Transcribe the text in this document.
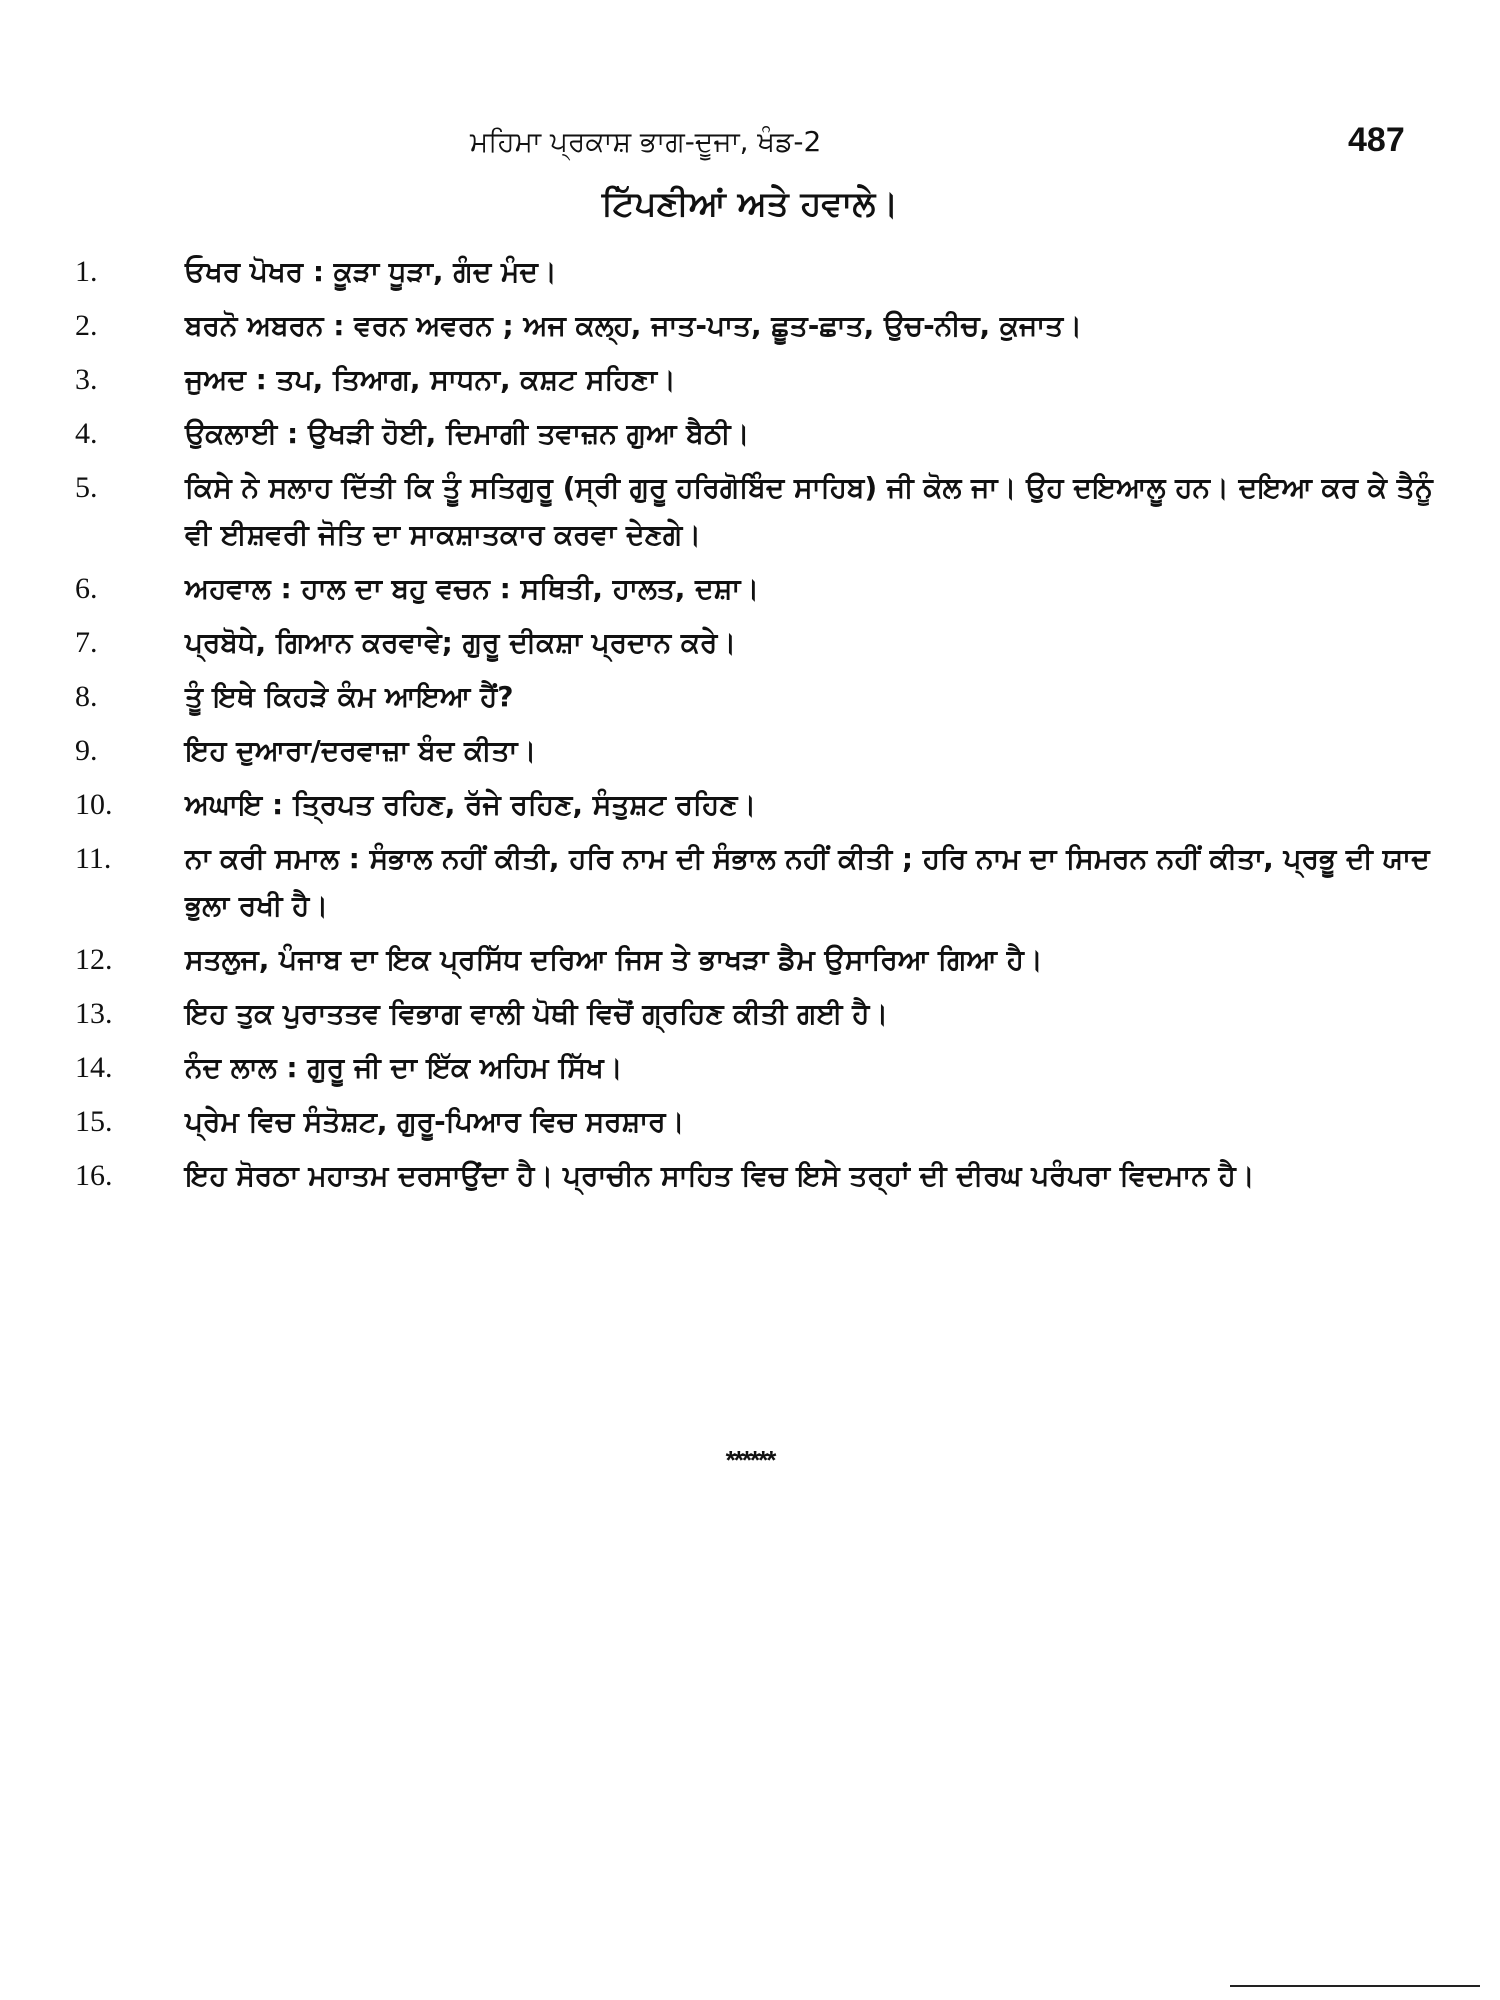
ਮਹਿਮਾ ਪ੍ਰਕਾਸ਼ ਭਾਗ-ਦੂਜਾ, ਖੰਡ-2	487
ਟਿੱਪਣੀਆਂ ਅਤੇ ਹਵਾਲੇ।
1.	ਓਖਰ ਪੋਖਰ : ਕੂੜਾ ਧੂੜਾ, ਗੰਦ ਮੰਦ।
2.	ਬਰਨੋ ਅਬਰਨ : ਵਰਨ ਅਵਰਨ ; ਅਜ ਕਲ੍ਹ, ਜਾਤ-ਪਾਤ, ਛੂਤ-ਛਾਤ, ਉਚ-ਨੀਚ, ਕੁਜਾਤ।
3.	ਜੁਅਦ : ਤਪ, ਤਿਆਗ, ਸਾਧਨਾ, ਕਸ਼ਟ ਸਹਿਣਾ।
4.	ਉਕਲਾਈ : ਉਖੜੀ ਹੋਈ, ਦਿਮਾਗੀ ਤਵਾਜ਼ਨ ਗੁਆ ਬੈਠੀ।
5.	ਕਿਸੇ ਨੇ ਸਲਾਹ ਦਿੱਤੀ ਕਿ ਤੂੰ ਸਤਿਗੁਰੂ (ਸ੍ਰੀ ਗੁਰੂ ਹਰਿਗੋਬਿੰਦ ਸਾਹਿਬ) ਜੀ ਕੋਲ ਜਾ। ਉਹ ਦਇਆਲੂ ਹਨ। ਦਇਆ ਕਰ ਕੇ ਤੈਨੂੰ ਵੀ ਈਸ਼ਵਰੀ ਜੋਤਿ ਦਾ ਸਾਕਸ਼ਾਤਕਾਰ ਕਰਵਾ ਦੇਣਗੇ।
6.	ਅਹਵਾਲ : ਹਾਲ ਦਾ ਬਹੁ ਵਚਨ : ਸਥਿਤੀ, ਹਾਲਤ, ਦਸ਼ਾ।
7.	ਪ੍ਰਬੋਧੇ, ਗਿਆਨ ਕਰਵਾਵੇ; ਗੁਰੂ ਦੀਕਸ਼ਾ ਪ੍ਰਦਾਨ ਕਰੇ।
8.	ਤੂੰ ਇਥੇ ਕਿਹੜੇ ਕੰਮ ਆਇਆ ਹੈਂ?
9.	ਇਹ ਦੁਆਰਾ/ਦਰਵਾਜ਼ਾ ਬੰਦ ਕੀਤਾ।
10.	ਅਘਾਇ : ਤ੍ਰਿਪਤ ਰਹਿਣ, ਰੱਜੇ ਰਹਿਣ, ਸੰਤੁਸ਼ਟ ਰਹਿਣ।
11.	ਨਾ ਕਰੀ ਸਮਾਲ : ਸੰਭਾਲ ਨਹੀਂ ਕੀਤੀ, ਹਰਿ ਨਾਮ ਦੀ ਸੰਭਾਲ ਨਹੀਂ ਕੀਤੀ ; ਹਰਿ ਨਾਮ ਦਾ ਸਿਮਰਨ ਨਹੀਂ ਕੀਤਾ, ਪ੍ਰਭੂ ਦੀ ਯਾਦ ਭੁਲਾ ਰਖੀ ਹੈ।
12.	ਸਤਲੁਜ, ਪੰਜਾਬ ਦਾ ਇਕ ਪ੍ਰਸਿੱਧ ਦਰਿਆ ਜਿਸ ਤੇ ਭਾਖੜਾ ਡੈਮ ਉਸਾਰਿਆ ਗਿਆ ਹੈ।
13.	ਇਹ ਤੁਕ ਪੁਰਾਤਤਵ ਵਿਭਾਗ ਵਾਲੀ ਪੋਥੀ ਵਿਚੋਂ ਗ੍ਰਹਿਣ ਕੀਤੀ ਗਈ ਹੈ।
14.	ਨੰਦ ਲਾਲ : ਗੁਰੂ ਜੀ ਦਾ ਇੱਕ ਅਹਿਮ ਸਿੱਖ।
15.	ਪ੍ਰੇਮ ਵਿਚ ਸੰਤੋਸ਼ਟ, ਗੁਰੂ-ਪਿਆਰ ਵਿਚ ਸਰਸ਼ਾਰ।
16.	ਇਹ ਸੋਰਠਾ ਮਹਾਤਮ ਦਰਸਾਉਂਦਾ ਹੈ। ਪ੍ਰਾਚੀਨ ਸਾਹਿਤ ਵਿਚ ਇਸੇ ਤਰ੍ਹਾਂ ਦੀ ਦੀਰਘ ਪਰੰਪਰਾ ਵਿਦਮਾਨ ਹੈ।
******
